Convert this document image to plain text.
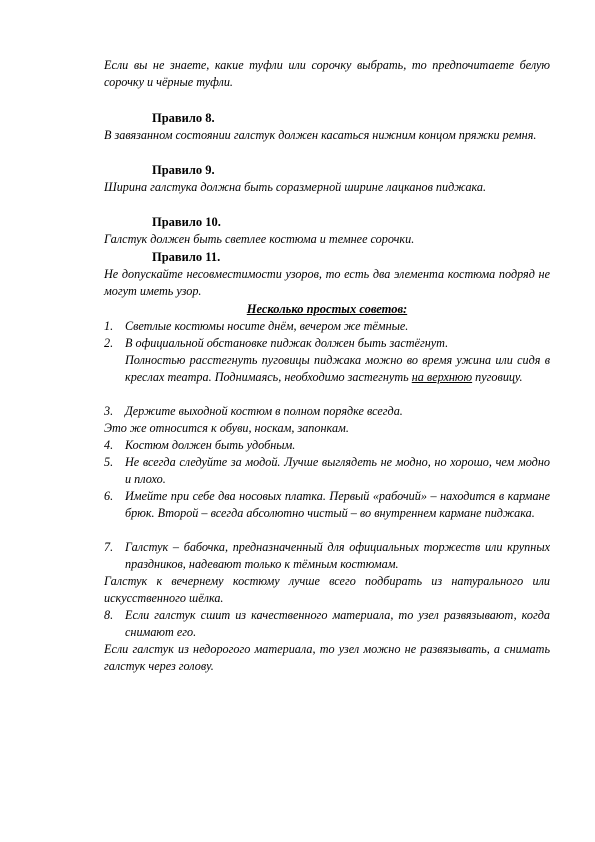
Если вы не знаете, какие туфли или сорочку выбрать, то предпочитаете белую сорочку и чёрные туфли.

Правило 8.

В завязанном состоянии галстук должен касаться нижним концом пряжки ремня.

Правило 9.

Ширина галстука должна быть соразмерной ширине лацканов пиджака.

Правило 10.

Галстук должен быть светлее костюма и темнее сорочки.

Правило 11.

Не допускайте несовместимости узоров, то есть два элемента костюма подряд не могут иметь узор.

Несколько простых советов:

1. Светлые костюмы носите днём, вечером же тёмные.
2. В официальной обстановке пиджак должен быть застёгнут.

Полностью расстегнуть пуговицы пиджака можно во время ужина или сидя в креслах театра. Поднимаясь, необходимо застегнуть на верхнюю пуговицу.

3. Держите выходной костюм в полном порядке всегда.

Это же относится к обуви, носкам, запонкам.

4. Костюм должен быть удобным.
5. Не всегда следуйте за модой. Лучше выглядеть не модно, но хорошо, чем модно и плохо.
6. Имейте при себе два носовых платка. Первый «рабочий» – находится в кармане брюк. Второй – всегда абсолютно чистый – во внутреннем кармане пиджака.
7. Галстук – бабочка, предназначенный для официальных торжеств или крупных праздников, надевают только к тёмным костюмам.

Галстук к вечернему костюму лучше всего подбирать из натурального или искусственного шёлка.

8. Если галстук сшит из качественного материала, то узел развязывают, когда снимают его.

Если галстук из недорогого материала, то узел можно не развязывать, а снимать галстук через голову.
